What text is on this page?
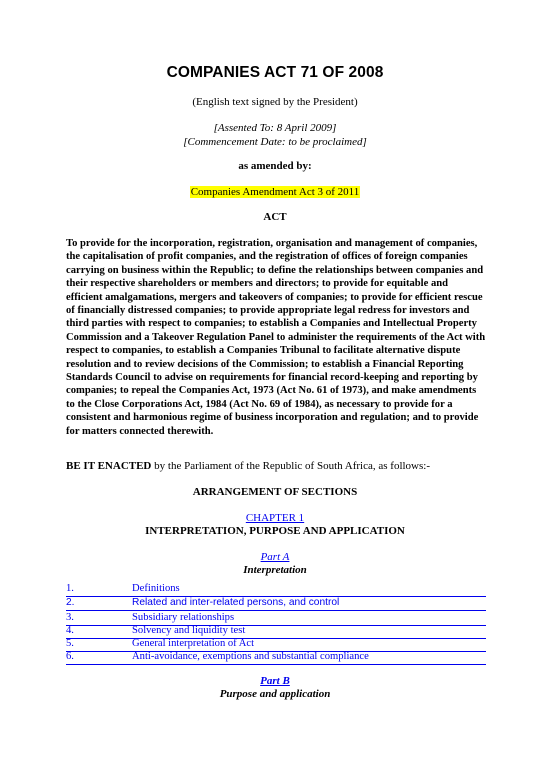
COMPANIES ACT 71 OF 2008
(English text signed by the President)
[Assented To: 8 April 2009]
[Commencement Date: to be proclaimed]
as amended by:
Companies Amendment Act 3 of 2011
ACT
To provide for the incorporation, registration, organisation and management of companies, the capitalisation of profit companies, and the registration of offices of foreign companies carrying on business within the Republic; to define the relationships between companies and their respective shareholders or members and directors; to provide for equitable and efficient amalgamations, mergers and takeovers of companies; to provide for efficient rescue of financially distressed companies; to provide appropriate legal redress for investors and third parties with respect to companies; to establish a Companies and Intellectual Property Commission and a Takeover Regulation Panel to administer the requirements of the Act with respect to companies, to establish a Companies Tribunal to facilitate alternative dispute resolution and to review decisions of the Commission; to establish a Financial Reporting Standards Council to advise on requirements for financial record-keeping and reporting by companies; to repeal the Companies Act, 1973 (Act No. 61 of 1973), and make amendments to the Close Corporations Act, 1984 (Act No. 69 of 1984), as necessary to provide for a consistent and harmonious regime of business incorporation and regulation; and to provide for matters connected therewith.
BE IT ENACTED by the Parliament of the Republic of South Africa, as follows:-
ARRANGEMENT OF SECTIONS
CHAPTER 1
INTERPRETATION, PURPOSE AND APPLICATION
Part A
Interpretation
1.	Definitions
2.	Related and inter-related persons, and control
3.	Subsidiary relationships
4.	Solvency and liquidity test
5.	General interpretation of Act
6.	Anti-avoidance, exemptions and substantial compliance
Part B
Purpose and application
